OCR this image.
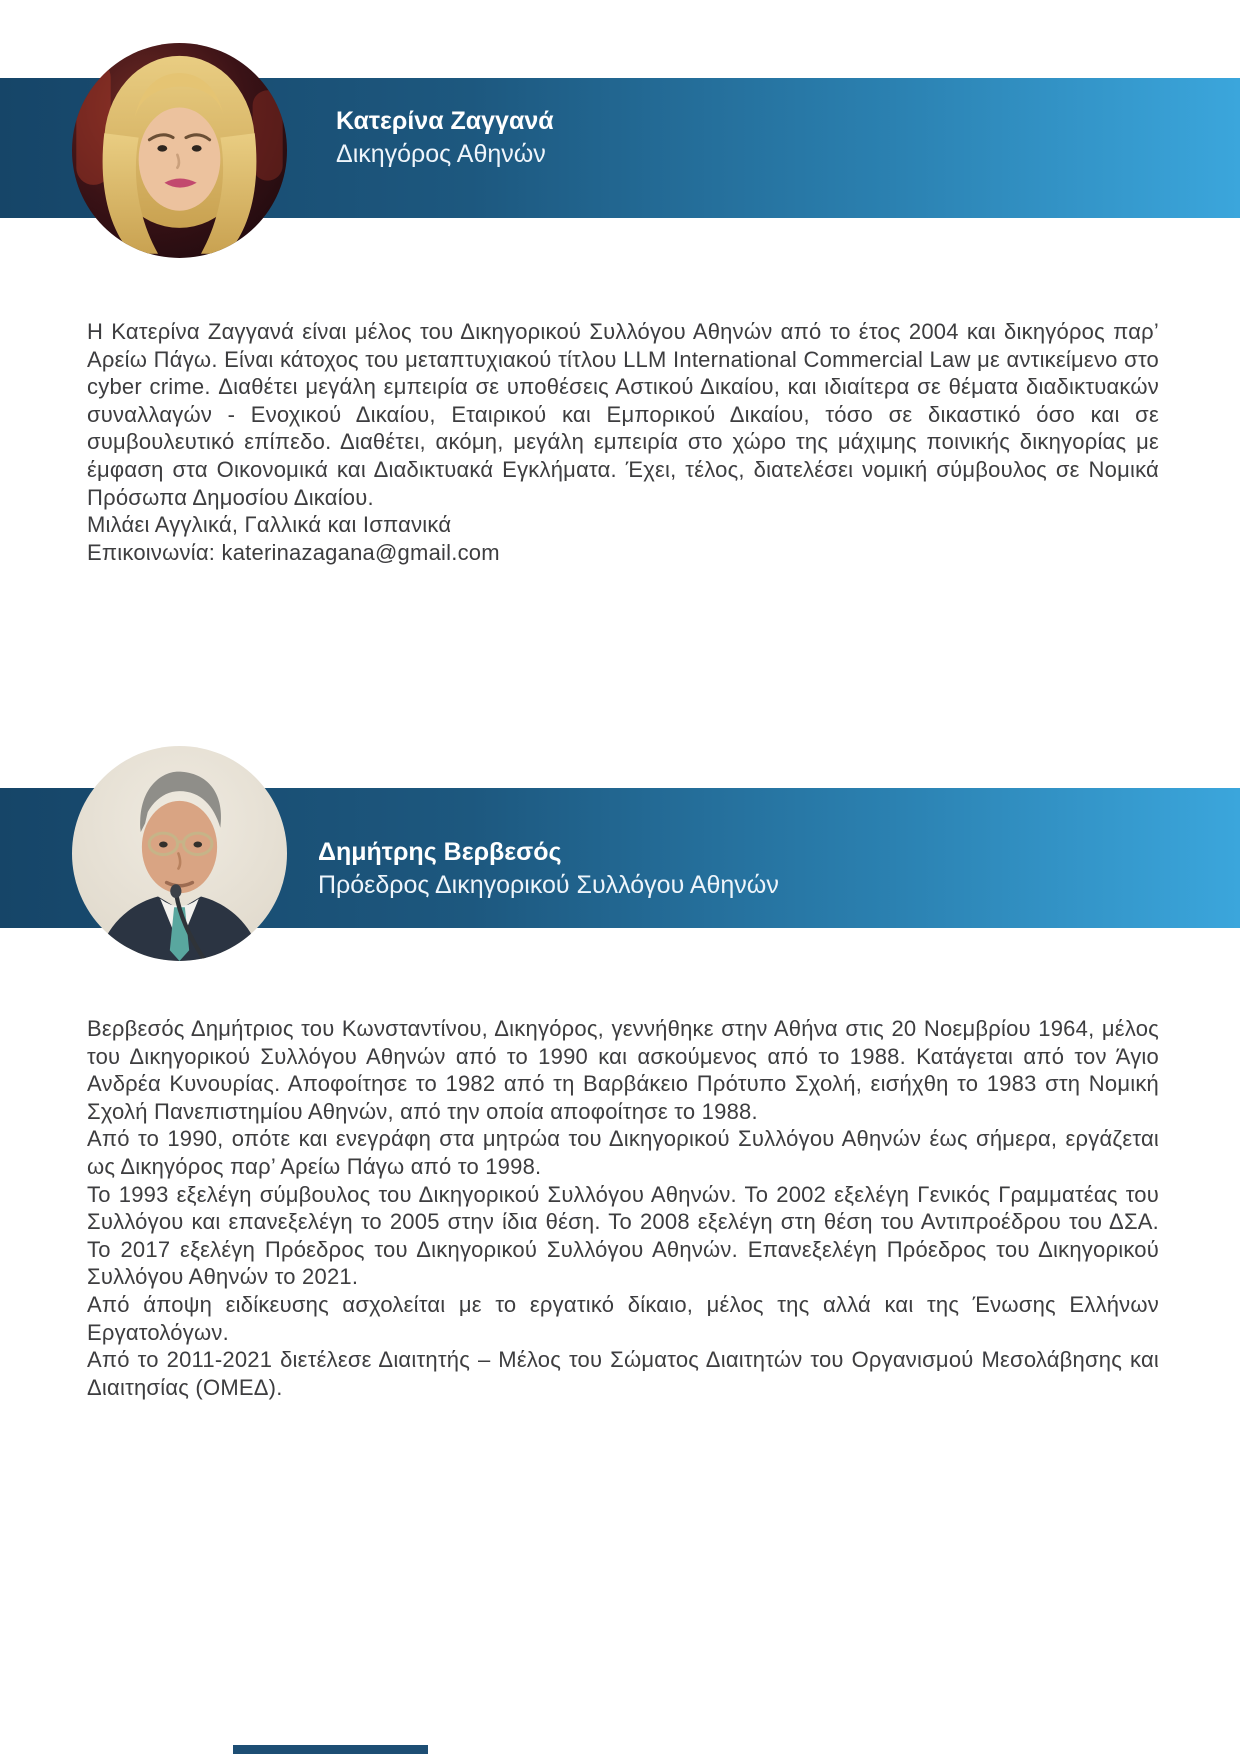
Κατερίνα Ζαγγανά
Δικηγόρος Αθηνών

Η Κατερίνα Ζαγγανά είναι μέλος του Δικηγορικού Συλλόγου Αθηνών από το έτος 2004 και δικηγόρος παρ’ Αρείω Πάγω. Είναι κάτοχος του μεταπτυχιακού τίτλου LLM International Commercial Law με αντικείμενο στο cyber crime. Διαθέτει μεγάλη εμπειρία σε υποθέσεις Αστικού Δικαίου, και ιδιαίτερα σε θέματα διαδικτυακών συναλλαγών - Ενοχικού Δικαίου, Εταιρικού και Εμπορικού Δικαίου, τόσο σε δικαστικό όσο και σε συμβουλευτικό επίπεδο. Διαθέτει, ακόμη, μεγάλη εμπειρία στο χώρο της μάχιμης ποινικής δικηγορίας με έμφαση στα Οικονομικά και Διαδικτυακά Εγκλήματα. Έχει, τέλος, διατελέσει νομική σύμβουλος σε Νομικά Πρόσωπα Δημοσίου Δικαίου.

Μιλάει Αγγλικά, Γαλλικά και Ισπανικά

Επικοινωνία: katerinazagana@gmail.com

Δημήτρης Βερβεσός
Πρόεδρος Δικηγορικού Συλλόγου Αθηνών

Βερβεσός Δημήτριος του Κωνσταντίνου, Δικηγόρος, γεννήθηκε στην Αθήνα στις 20 Νοεμβρίου 1964, μέλος του Δικηγορικού Συλλόγου Αθηνών από το 1990 και ασκούμενος από το 1988. Κατάγεται από τον Άγιο Ανδρέα Κυνουρίας. Αποφοίτησε το 1982 από τη Βαρβάκειο Πρότυπο Σχολή, εισήχθη το 1983 στη Νομική Σχολή Πανεπιστημίου Αθηνών, από την οποία αποφοίτησε το 1988.

Από το 1990, οπότε και ενεγράφη στα μητρώα του Δικηγορικού Συλλόγου Αθηνών έως σήμερα, εργάζεται ως Δικηγόρος παρ’ Αρείω Πάγω από το 1998.

Το 1993 εξελέγη σύμβουλος του Δικηγορικού Συλλόγου Αθηνών. Το 2002 εξελέγη Γενικός Γραμματέας του Συλλόγου και επανεξελέγη το 2005 στην ίδια θέση. Το 2008 εξελέγη στη θέση του Αντιπροέδρου του ΔΣΑ. Το 2017 εξελέγη Πρόεδρος του Δικηγορικού Συλλόγου Αθηνών. Επανεξελέγη Πρόεδρος του Δικηγορικού Συλλόγου Αθηνών το 2021.

Από άποψη ειδίκευσης ασχολείται με το εργατικό δίκαιο, μέλος της αλλά και της Ένωσης Ελλήνων Εργατολόγων.

Από το 2011-2021 διετέλεσε Διαιτητής – Μέλος του Σώματος Διαιτητών του Οργανισμού Μεσολάβησης και Διαιτησίας (ΟΜΕΔ).
